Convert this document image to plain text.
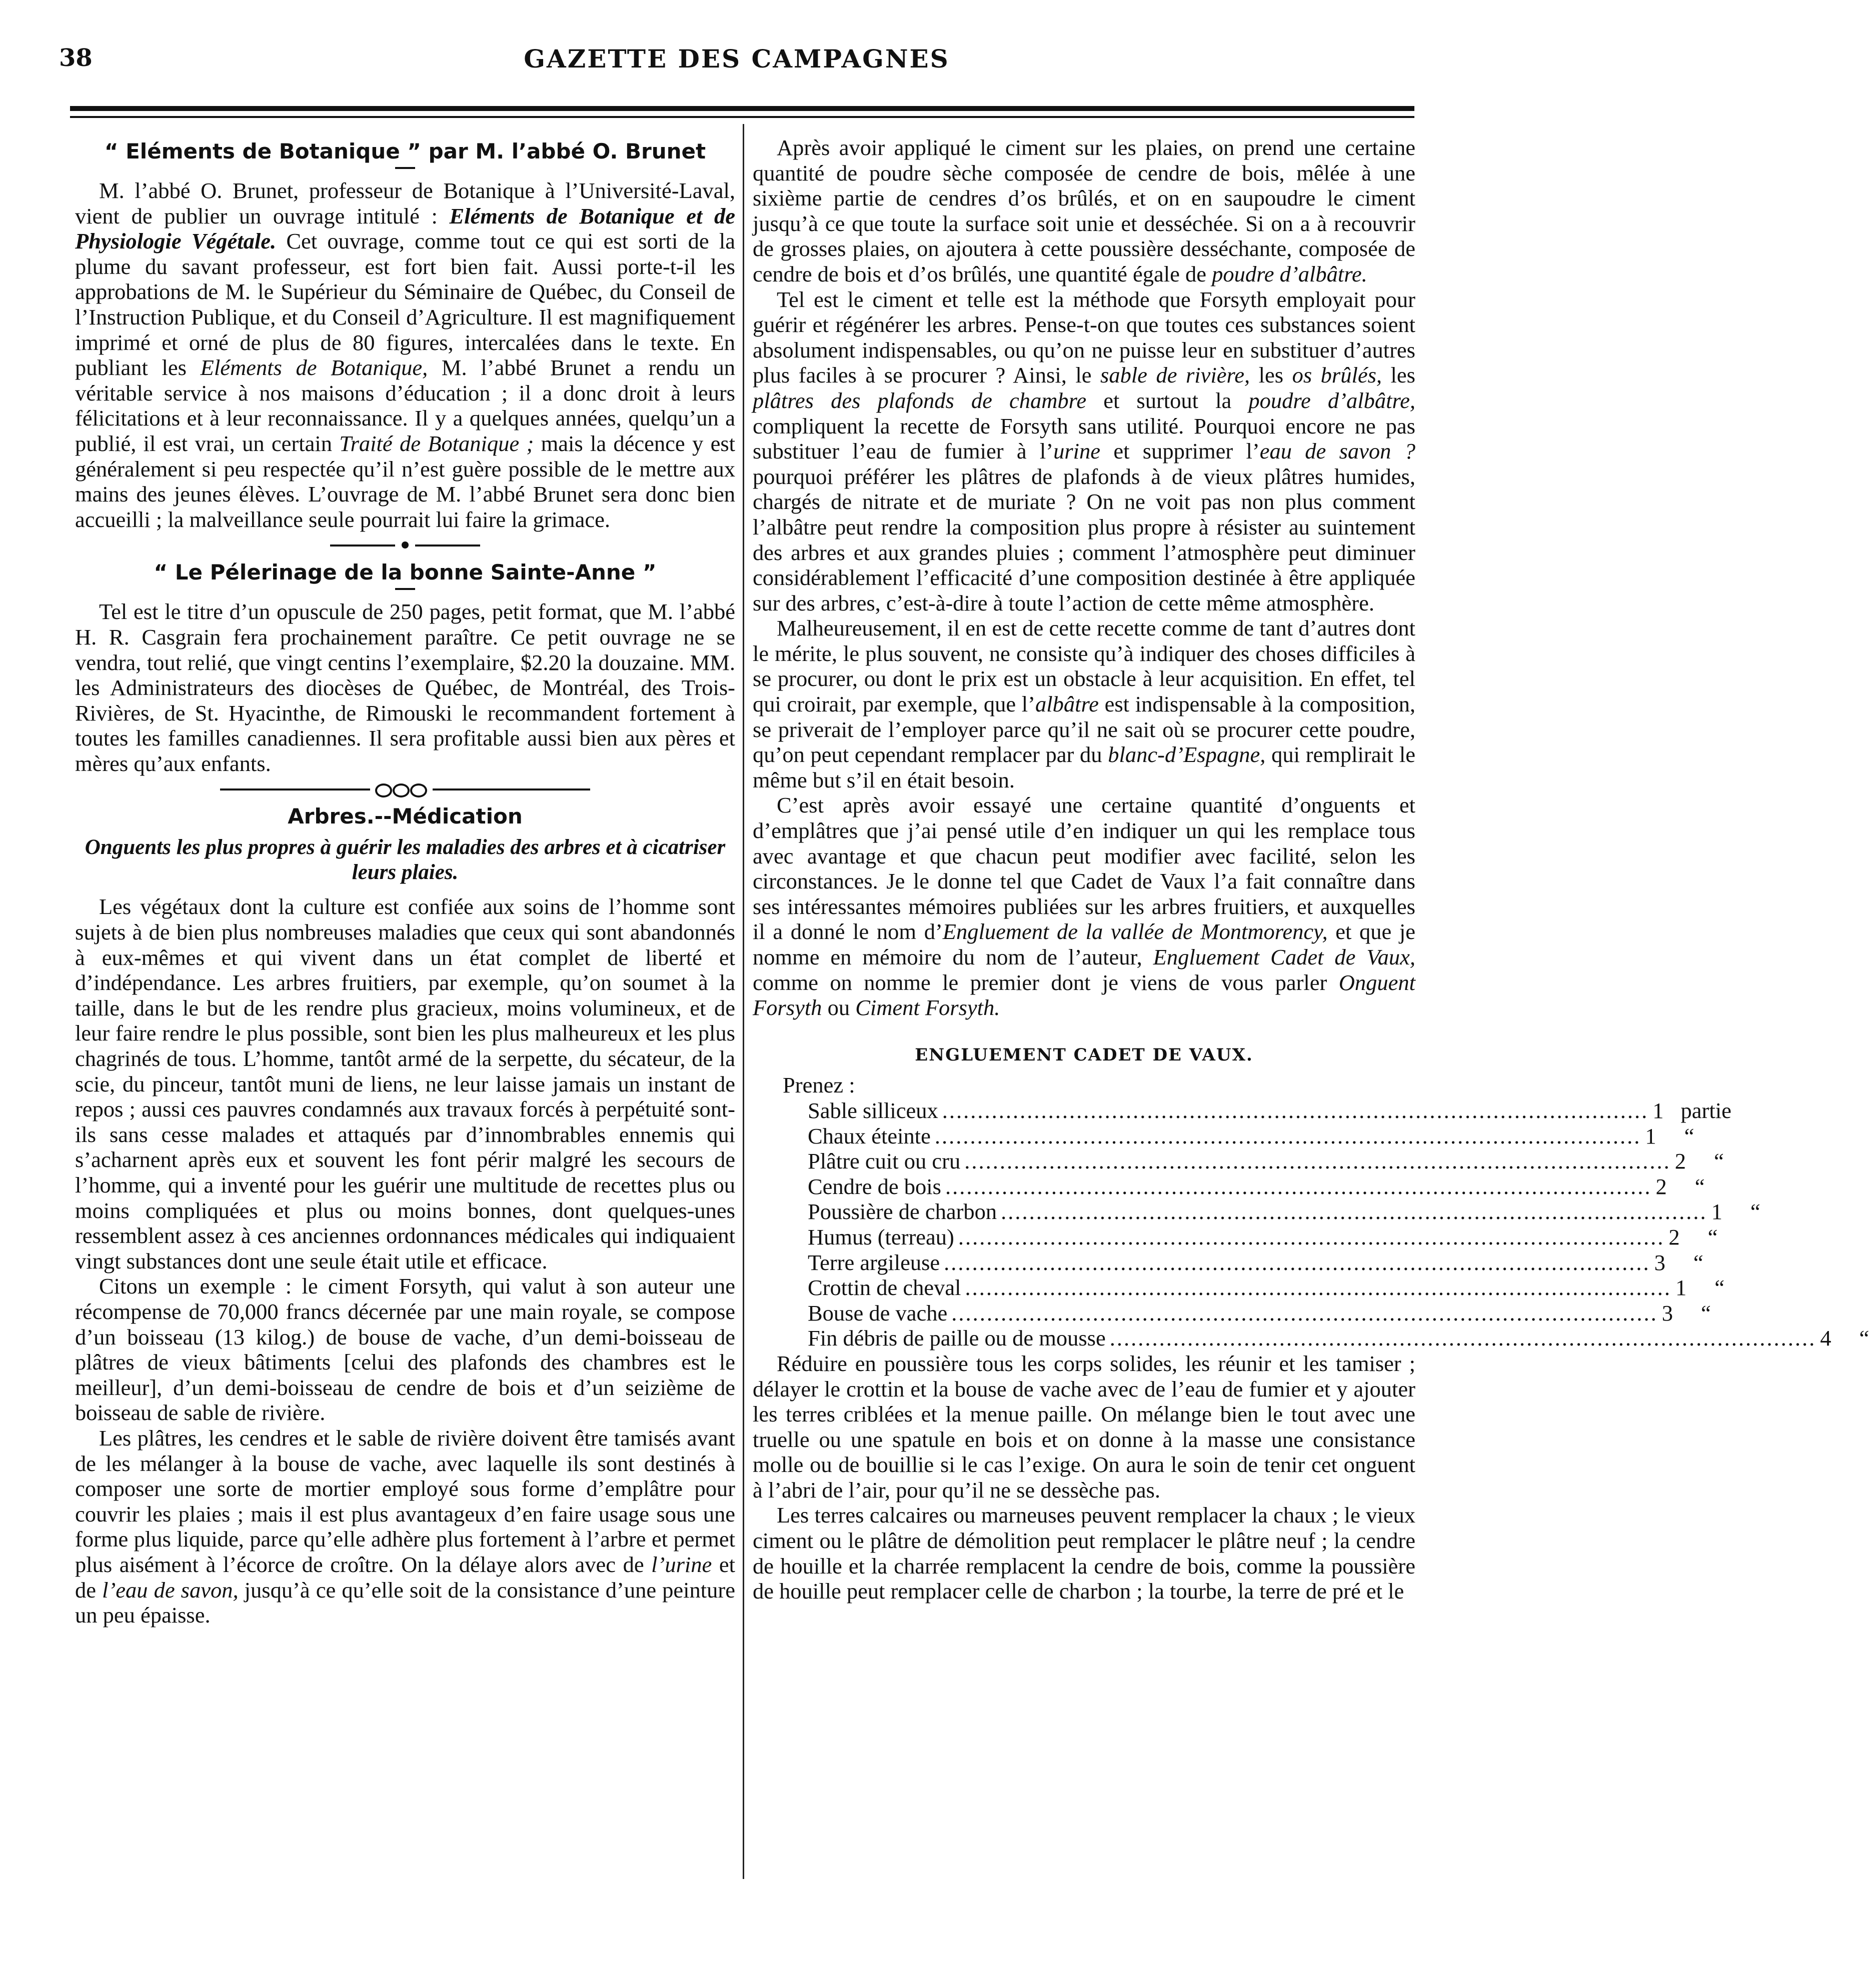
38	GAZETTE DES CAMPAGNES
“ Eléments de Botanique ” par M. l’abbé O. Brunet

M. l’abbé O. Brunet, professeur de Botanique à l’Université-Laval, vient de publier un ouvrage intitulé : Eléments de Botanique et de Physiologie Végétale. Cet ouvrage, comme tout ce qui est sorti de la plume du savant professeur, est fort bien fait. Aussi porte-t-il les approbations de M. le Supérieur du Séminaire de Québec, du Conseil de l’Instruction Publique, et du Conseil d’Agriculture. Il est magnifiquement imprimé et orné de plus de 80 figures, intercalées dans le texte. En publiant les Eléments de Botanique, M. l’abbé Brunet a rendu un véritable service à nos maisons d’éducation ; il a donc droit à leurs félicitations et à leur reconnaissance. Il y a quelques années, quelqu’un a publié, il est vrai, un certain Traité de Botanique ; mais la décence y est généralement si peu respectée qu’il n’est guère possible de le mettre aux mains des jeunes élèves. L’ouvrage de M. l’abbé Brunet sera donc bien accueilli ; la malveillance seule pourrait lui faire la grimace.

“ Le Pélerinage de la bonne Sainte-Anne ”

Tel est le titre d’un opuscule de 250 pages, petit format, que M. l’abbé H. R. Casgrain fera prochainement paraître. Ce petit ouvrage ne se vendra, tout relié, que vingt centins l’exemplaire, $2.20 la douzaine. MM. les Administrateurs des diocèses de Québec, de Montréal, des Trois-Rivières, de St. Hyacinthe, de Rimouski le recommandent fortement à toutes les familles canadiennes. Il sera profitable aussi bien aux pères et mères qu’aux enfants.

Arbres.--Médication
Onguents les plus propres à guérir les maladies des arbres et à cicatriser leurs plaies.

Les végétaux dont la culture est confiée aux soins de l’homme sont sujets à de bien plus nombreuses maladies que ceux qui sont abandonnés à eux-mêmes et qui vivent dans un état complet de liberté et d’indépendance. Les arbres fruitiers, par exemple, qu’on soumet à la taille, dans le but de les rendre plus gracieux, moins volumineux, et de leur faire rendre le plus possible, sont bien les plus malheureux et les plus chagrinés de tous. L’homme, tantôt armé de la serpette, du sécateur, de la scie, du pinceur, tantôt muni de liens, ne leur laisse jamais un instant de repos ; aussi ces pauvres condamnés aux travaux forcés à perpétuité sont-ils sans cesse malades et attaqués par d’innombrables ennemis qui s’acharnent après eux et souvent les font périr malgré les secours de l’homme, qui a inventé pour les guérir une multitude de recettes plus ou moins compliquées et plus ou moins bonnes, dont quelques-unes ressemblent assez à ces anciennes ordonnances médicales qui indiquaient vingt substances dont une seule était utile et efficace.

Citons un exemple : le ciment Forsyth, qui valut à son auteur une récompense de 70,000 francs décernée par une main royale, se compose d’un boisseau (13 kilog.) de bouse de vache, d’un demi-boisseau de plâtres de vieux bâtiments [celui des plafonds des chambres est le meilleur], d’un demi-boisseau de cendre de bois et d’un seizième de boisseau de sable de rivière.

Les plâtres, les cendres et le sable de rivière doivent être tamisés avant de les mélanger à la bouse de vache, avec laquelle ils sont destinés à composer une sorte de mortier employé sous forme d’emplâtre pour couvrir les plaies ; mais il est plus avantageux d’en faire usage sous une forme plus liquide, parce qu’elle adhère plus fortement à l’arbre et permet plus aisément à l’écorce de croître. On la délaye alors avec de l’urine et de l’eau de savon, jusqu’à ce qu’elle soit de la consistance d’une peinture un peu épaisse.

Après avoir appliqué le ciment sur les plaies, on prend une certaine quantité de poudre sèche composée de cendre de bois, mêlée à une sixième partie de cendres d’os brûlés, et on en saupoudre le ciment jusqu’à ce que toute la surface soit unie et desséchée. Si on a à recouvrir de grosses plaies, on ajoutera à cette poussière desséchante, composée de cendre de bois et d’os brûlés, une quantité égale de poudre d’albâtre.

Tel est le ciment et telle est la méthode que Forsyth employait pour guérir et régénérer les arbres. Pense-t-on que toutes ces substances soient absolument indispensables, ou qu’on ne puisse leur en substituer d’autres plus faciles à se procurer ? Ainsi, le sable de rivière, les os brûlés, les plâtres des plafonds de chambre et surtout la poudre d’albâtre, compliquent la recette de Forsyth sans utilité. Pourquoi encore ne pas substituer l’eau de fumier à l’urine et supprimer l’eau de savon ? pourquoi préférer les plâtres de plafonds à de vieux plâtres humides, chargés de nitrate et de muriate ? On ne voit pas non plus comment l’albâtre peut rendre la composition plus propre à résister au suintement des arbres et aux grandes pluies ; comment l’atmosphère peut diminuer considérablement l’efficacité d’une composition destinée à être appliquée sur des arbres, c’est-à-dire à toute l’action de cette même atmosphère.

Malheureusement, il en est de cette recette comme de tant d’autres dont le mérite, le plus souvent, ne consiste qu’à indiquer des choses difficiles à se procurer, ou dont le prix est un obstacle à leur acquisition. En effet, tel qui croirait, par exemple, que l’albâtre est indispensable à la composition, se priverait de l’employer parce qu’il ne sait où se procurer cette poudre, qu’on peut cependant remplacer par du blanc-d’Espagne, qui remplirait le même but s’il en était besoin.

C’est après avoir essayé une certaine quantité d’onguents et d’emplâtres que j’ai pensé utile d’en indiquer un qui les remplace tous avec avantage et que chacun peut modifier avec facilité, selon les circonstances. Je le donne tel que Cadet de Vaux l’a fait connaître dans ses intéressantes mémoires publiées sur les arbres fruitiers, et auxquelles il a donné le nom d’Engluement de la vallée de Montmorency, et que je nomme en mémoire du nom de l’auteur, Engluement Cadet de Vaux, comme on nomme le premier dont je viens de vous parler Onguent Forsyth ou Ciment Forsyth.

ENGLUEMENT CADET DE VAUX.
Prenez :
Sable silliceux .................................................................................................... 1 partie
Chaux éteinte .................................................................................................... 1	“
Plâtre cuit ou cru .................................................................................................... 2	“
Cendre de bois .................................................................................................... 2	“
Poussière de charbon .................................................................................................... 1	“
Humus (terreau) .................................................................................................... 2	“
Terre argileuse .................................................................................................... 3	“
Crottin de cheval .................................................................................................... 1	“
Bouse de vache .................................................................................................... 3	“
Fin débris de paille ou de mousse .................................................................................................... 4	“

Réduire en poussière tous les corps solides, les réunir et les tamiser ; délayer le crottin et la bouse de vache avec de l’eau de fumier et y ajouter les terres criblées et la menue paille. On mélange bien le tout avec une truelle ou une spatule en bois et on donne à la masse une consistance molle ou de bouillie si le cas l’exige. On aura le soin de tenir cet onguent à l’abri de l’air, pour qu’il ne se dessèche pas.

Les terres calcaires ou marneuses peuvent remplacer la chaux ; le vieux ciment ou le plâtre de démolition peut remplacer le plâtre neuf ; la cendre de houille et la charrée remplacent la cendre de bois, comme la poussière de houille peut remplacer celle de charbon ; la tourbe, la terre de pré et le
